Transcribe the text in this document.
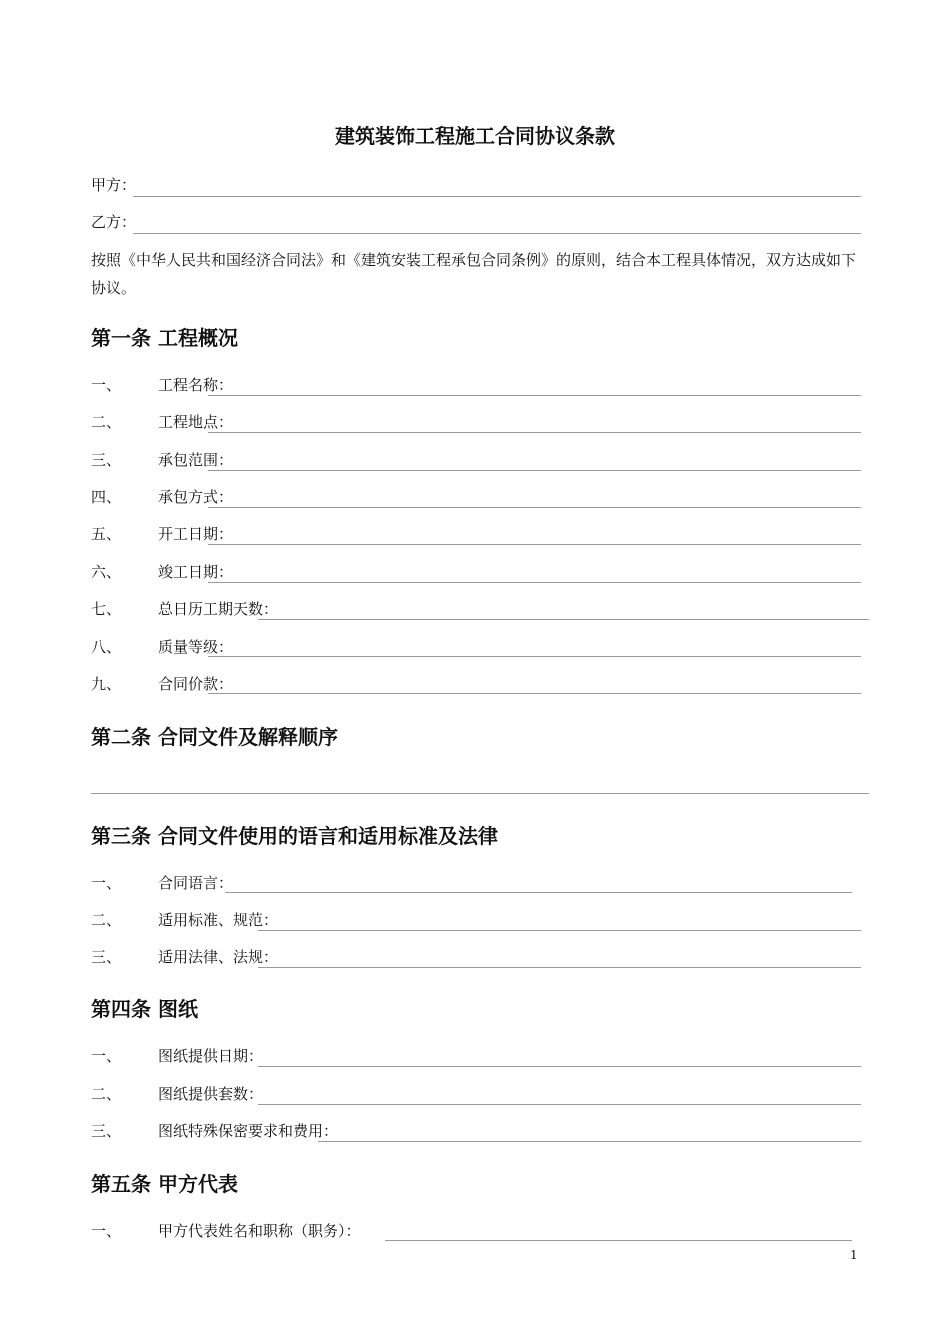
建筑装饰工程施工合同协议条款
甲方：
乙方：
按照《中华人民共和国经济合同法》和《建筑安装工程承包合同条例》的原则，结合本工程具体情况，双方达成如下协议。
第一条 工程概况
一、 工程名称：
二、 工程地点：
三、 承包范围：
四、 承包方式：
五、 开工日期：
六、 竣工日期：
七、 总日历工期天数：
八、 质量等级：
九、 合同价款：
第二条 合同文件及解释顺序
第三条 合同文件使用的语言和适用标准及法律
一、 合同语言：
二、 适用标准、规范：
三、 适用法律、法规：
第四条 图纸
一、 图纸提供日期：
二、 图纸提供套数：
三、 图纸特殊保密要求和费用：
第五条 甲方代表
一、 甲方代表姓名和职称（职务）：
1
